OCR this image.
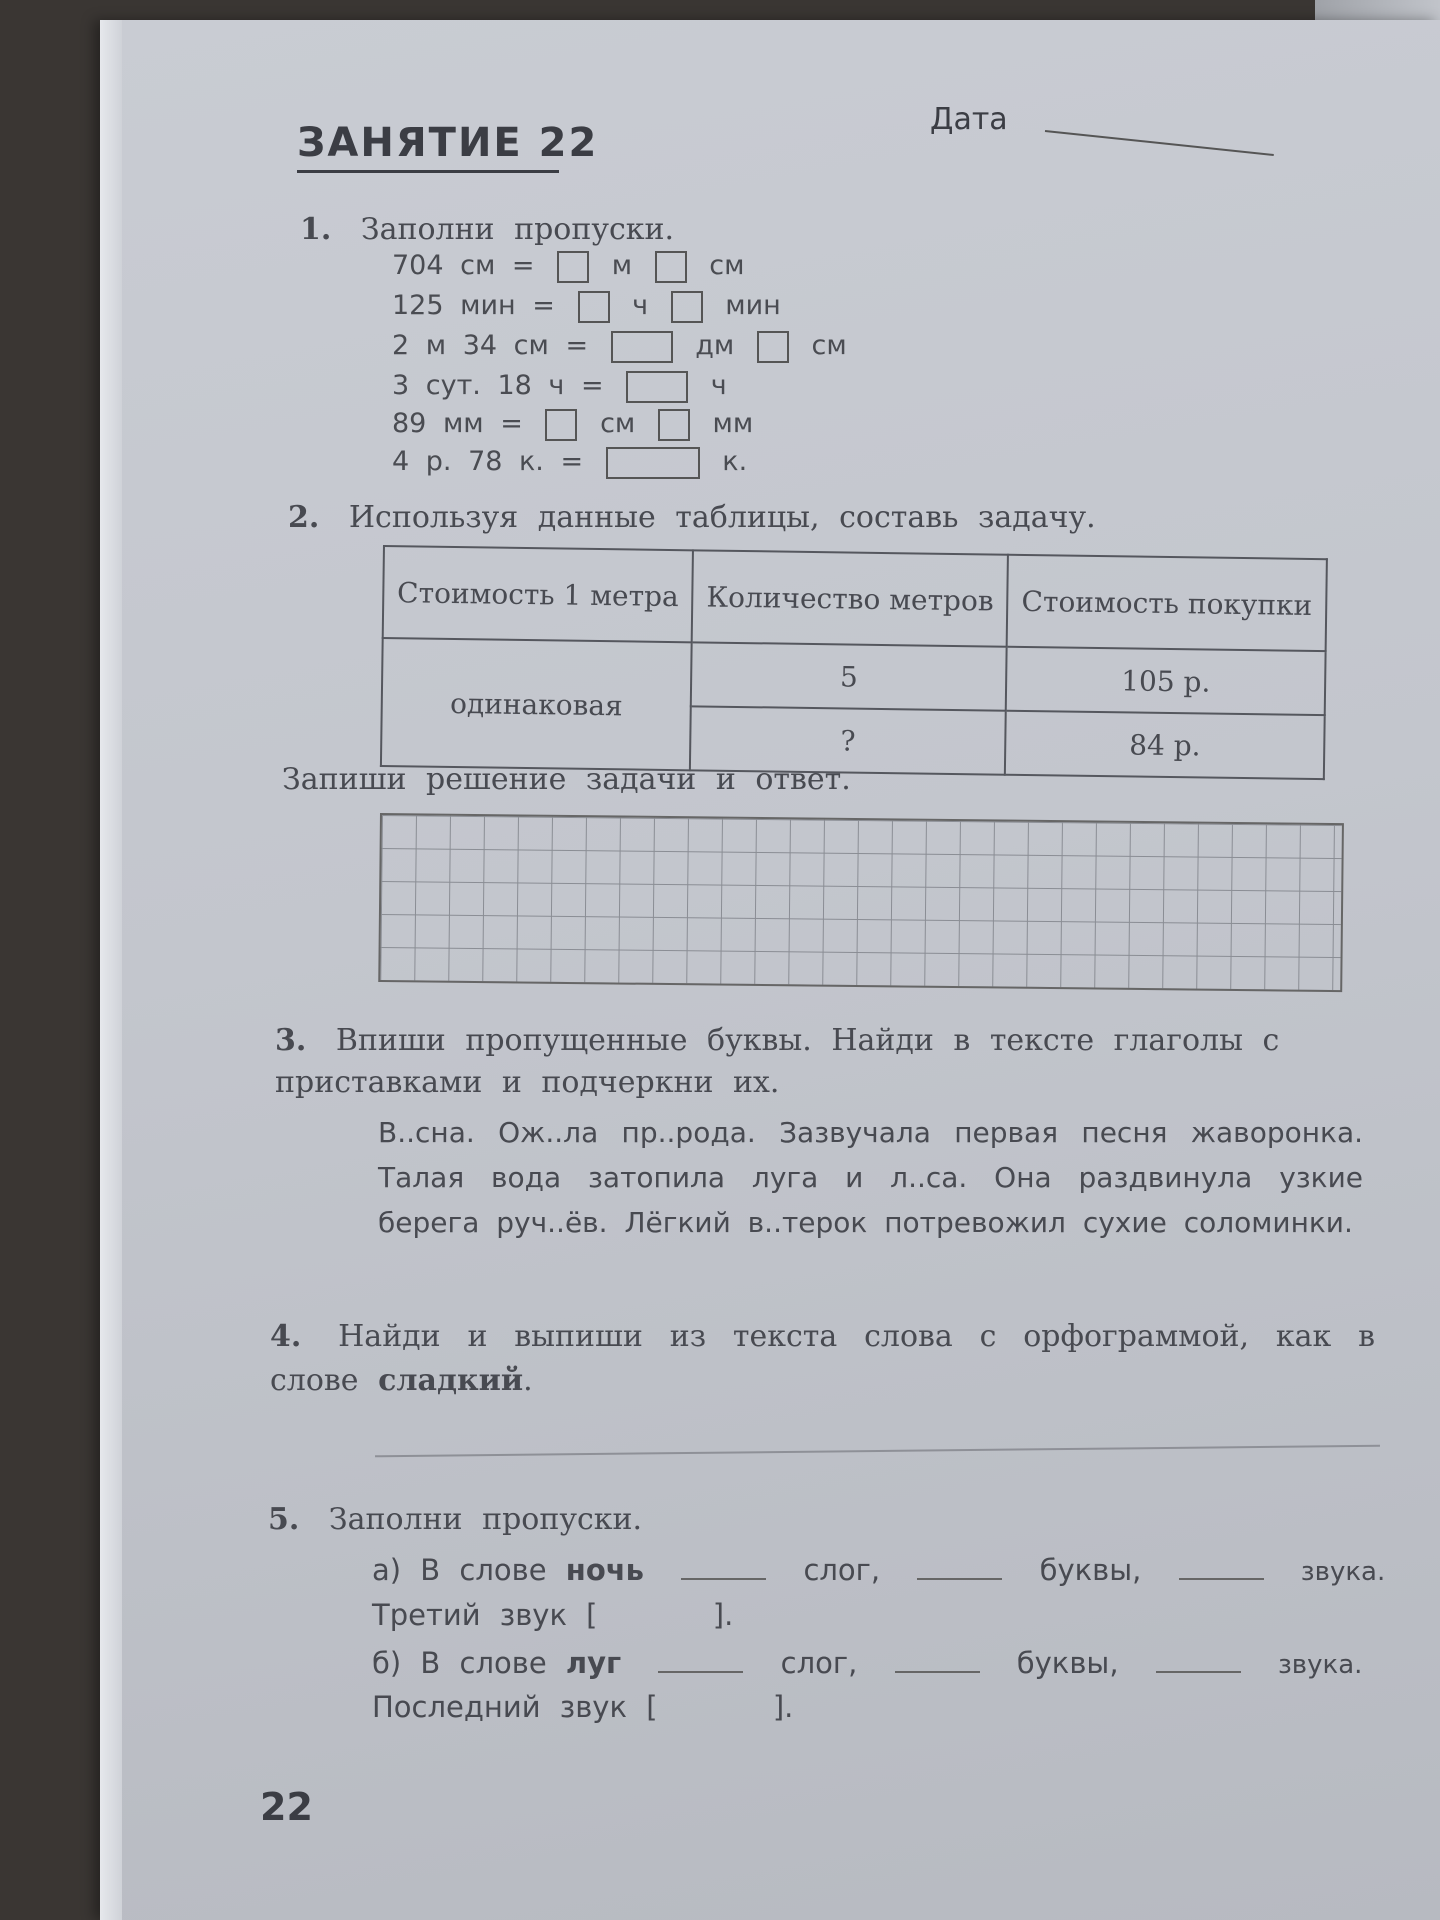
ЗАНЯТИЕ 22
Дата
1. Заполни пропуски.
704 см =	м	см
125 мин =	ч	мин
2 м 34 см =	дм	см
3 сут. 18 ч =	ч
89 мм =	см	мм
4 р. 78 к. =	к.
2. Используя данные таблицы, составь задачу.
Стоимость 1 метра	Количество метров	Стоимость покупки
одинаковая	5	105 р.
	?	84 р.
Запиши решение задачи и ответ.
3. Впиши пропущенные буквы. Найди в тексте глаголы с приставками и подчеркни их.
В..сна. Ож..ла пр..рода. Зазвучала первая песня жаворонка. Талая вода затопила луга и л..са. Она раздвинула узкие берега руч..ёв. Лёгкий в..терок потревожил сухие соломинки.
4. Найди и выпиши из текста слова с орфограммой, как в слове сладкий.
5. Заполни пропуски.
а) В слове ночь	слог,	буквы,	звука.
Третий звук [      ].
б) В слове луг	слог,	буквы,	звука.
Последний звук [      ].
22
